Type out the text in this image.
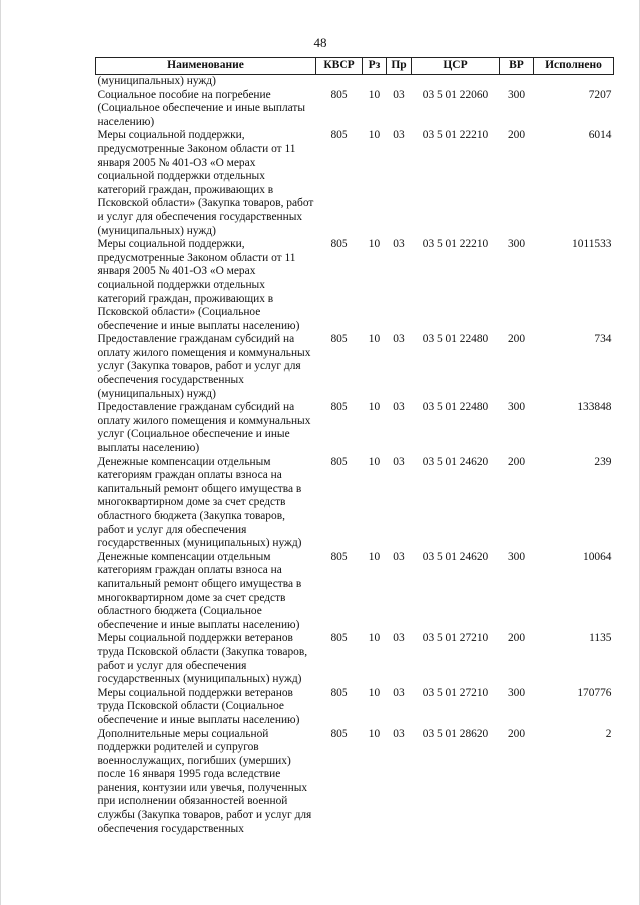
48
Наименование	КВСР	Рз	Пр	ЦСР	ВР	Исполнено
(муниципальных) нужд)						
Социальное пособие на погребение (Социальное обеспечение и иные выплаты населению)	805	10	03	03 5 01 22060	300	7207
Меры социальной поддержки, предусмотренные Законом области от 11 января 2005 № 401-ОЗ «О мерах социальной поддержки отдельных категорий граждан, проживающих в Псковской области» (Закупка товаров, работ и услуг для обеспечения государственных (муниципальных) нужд)	805	10	03	03 5 01 22210	200	6014
Меры социальной поддержки, предусмотренные Законом области от 11 января 2005 № 401-ОЗ «О мерах социальной поддержки отдельных категорий граждан, проживающих в Псковской области» (Социальное обеспечение и иные выплаты населению)	805	10	03	03 5 01 22210	300	1011533
Предоставление гражданам субсидий на оплату жилого помещения и коммунальных услуг (Закупка товаров, работ и услуг для обеспечения государственных (муниципальных) нужд)	805	10	03	03 5 01 22480	200	734
Предоставление гражданам субсидий на оплату жилого помещения и коммунальных услуг (Социальное обеспечение и иные выплаты населению)	805	10	03	03 5 01 22480	300	133848
Денежные компенсации отдельным категориям граждан оплаты взноса на капитальный ремонт общего имущества в многоквартирном доме за счет средств областного бюджета (Закупка товаров, работ и услуг для обеспечения государственных (муниципальных) нужд)	805	10	03	03 5 01 24620	200	239
Денежные компенсации отдельным категориям граждан оплаты взноса на капитальный ремонт общего имущества в многоквартирном доме за счет средств областного бюджета (Социальное обеспечение и иные выплаты населению)	805	10	03	03 5 01 24620	300	10064
Меры социальной поддержки ветеранов труда Псковской области (Закупка товаров, работ и услуг для обеспечения государственных (муниципальных) нужд)	805	10	03	03 5 01 27210	200	1135
Меры социальной поддержки ветеранов труда Псковской области (Социальное обеспечение и иные выплаты населению)	805	10	03	03 5 01 27210	300	170776
Дополнительные меры социальной поддержки родителей и супругов военнослужащих, погибших (умерших) после 16 января 1995 года вследствие ранения, контузии или увечья, полученных при исполнении обязанностей военной службы (Закупка товаров, работ и услуг для обеспечения государственных	805	10	03	03 5 01 28620	200	2
